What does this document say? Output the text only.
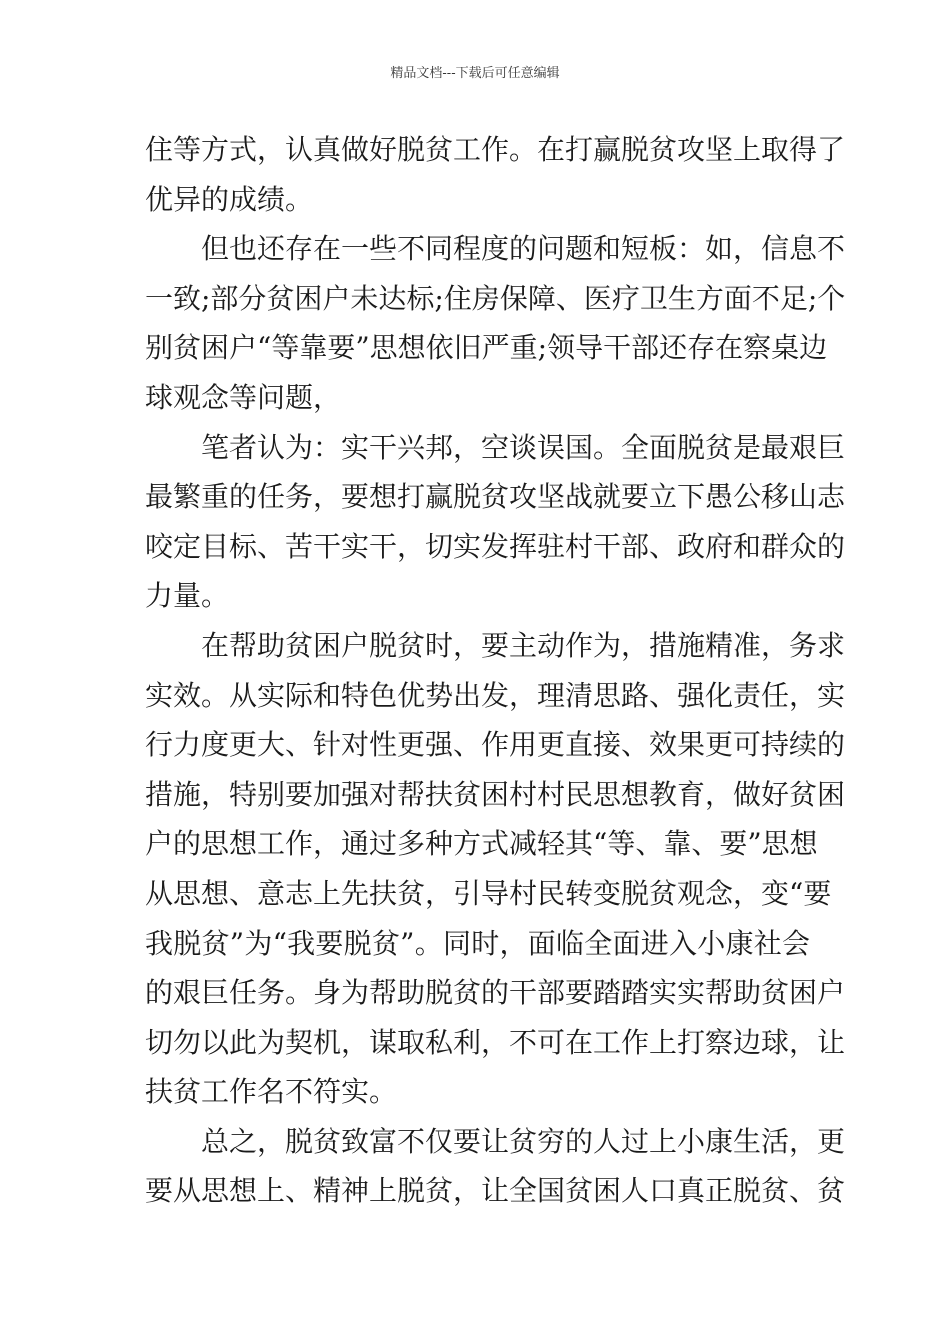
精品文档---下载后可任意编辑
住等方式，认真做好脱贫工作。在打赢脱贫攻坚上取得了
优异的成绩。
但也还存在一些不同程度的问题和短板：如，信息不
一致;部分贫困户未达标;住房保障、医疗卫生方面不足;个
别贫困户“等靠要”思想依旧严重;领导干部还存在察桌边
球观念等问题，
笔者认为：实干兴邦，空谈误国。全面脱贫是最艰巨
最繁重的任务，要想打赢脱贫攻坚战就要立下愚公移山志
咬定目标、苦干实干，切实发挥驻村干部、政府和群众的
力量。
在帮助贫困户脱贫时，要主动作为，措施精准，务求
实效。从实际和特色优势出发，理清思路、强化责任，实
行力度更大、针对性更强、作用更直接、效果更可持续的
措施，特别要加强对帮扶贫困村村民思想教育，做好贫困
户的思想工作，通过多种方式减轻其“等、靠、要”思想
从思想、意志上先扶贫，引导村民转变脱贫观念，变“要
我脱贫”为“我要脱贫”。同时，面临全面进入小康社会
的艰巨任务。身为帮助脱贫的干部要踏踏实实帮助贫困户
切勿以此为契机，谋取私利，不可在工作上打察边球，让
扶贫工作名不符实。
总之，脱贫致富不仅要让贫穷的人过上小康生活，更
要从思想上、精神上脱贫，让全国贫困人口真正脱贫、贫
